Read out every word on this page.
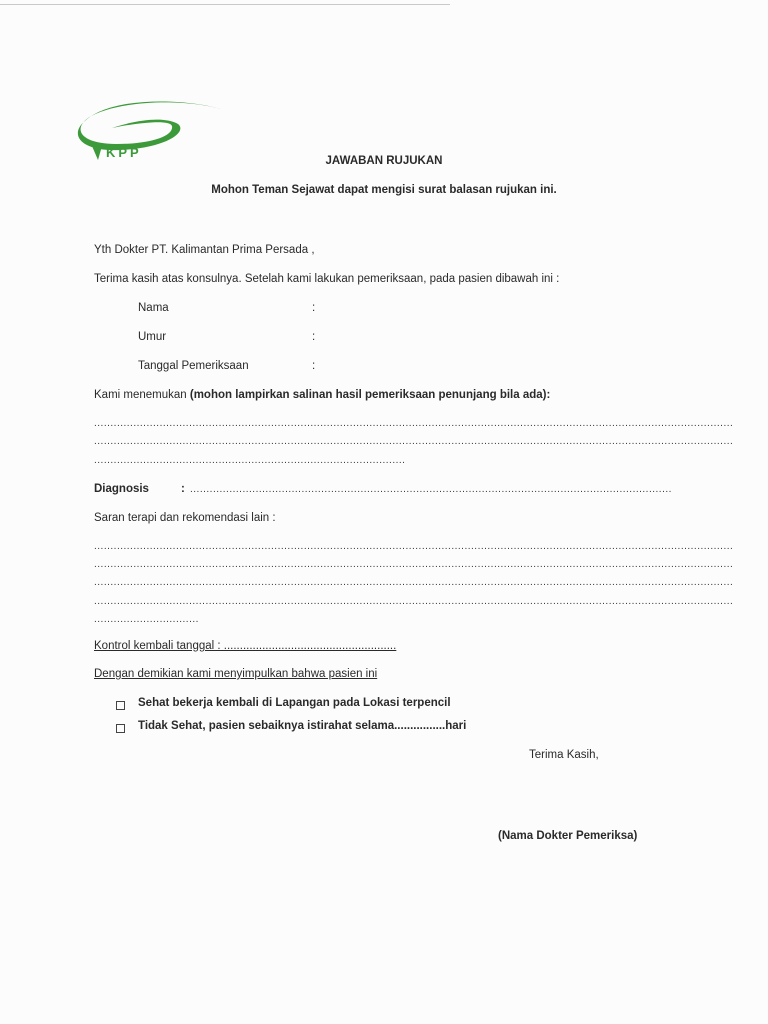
KPP
JAWABAN RUJUKAN
Mohon Teman Sejawat dapat mengisi surat balasan rujukan ini.
Yth Dokter PT. Kalimantan Prima Persada ,
Terima kasih atas konsulnya. Setelah kami lakukan pemeriksaan, pada pasien dibawah ini :
Nama	:
Umur	:
Tanggal Pemeriksaan	:
Kami menemukan (mohon lampirkan salinan hasil pemeriksaan penunjang bila ada):
...................................................................................................................................................................................................
...................................................................................................................................................................................................
...............................................................................................
Diagnosis	: ...................................................................................................................................................
Saran terapi dan rekomendasi lain :
...................................................................................................................................................................................................
...................................................................................................................................................................................................
...................................................................................................................................................................................................
...................................................................................................................................................................................................
................................
Kontrol kembali tanggal : ......................................................
Dengan demikian kami menyimpulkan bahwa pasien ini
Sehat bekerja kembali di Lapangan pada Lokasi terpencil
Tidak Sehat, pasien sebaiknya istirahat selama................hari
Terima Kasih,
(Nama Dokter Pemeriksa)
